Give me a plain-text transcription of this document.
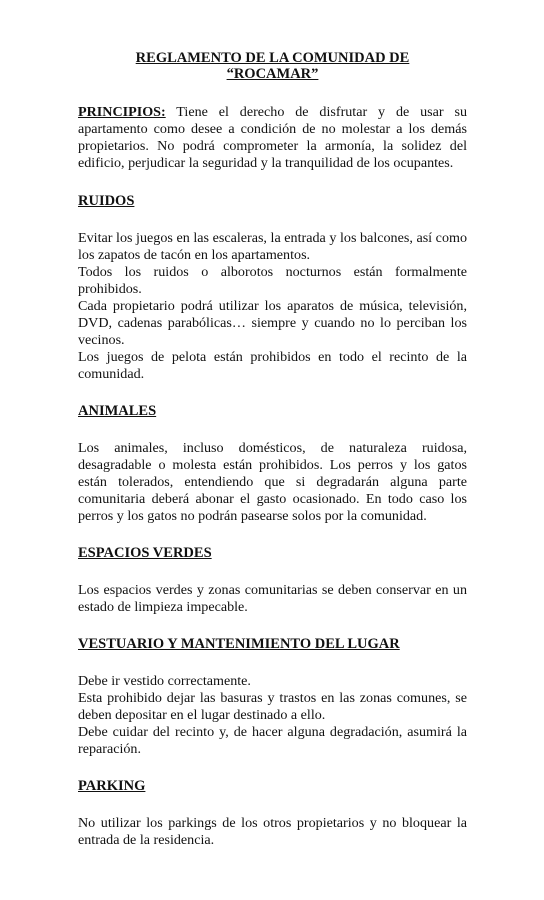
REGLAMENTO DE LA COMUNIDAD DE
“ROCAMAR”

PRINCIPIOS: Tiene el derecho de disfrutar y de usar su apartamento como desee a condición de no molestar a los demás propietarios. No podrá comprometer la armonía, la solidez del edificio, perjudicar la seguridad y la tranquilidad de los ocupantes.

RUIDOS

Evitar los juegos en las escaleras, la entrada y los balcones, así como los zapatos de tacón en los apartamentos.

Todos los ruidos o alborotos nocturnos están formalmente prohibidos.

Cada propietario podrá utilizar los aparatos de música, televisión, DVD, cadenas parabólicas… siempre y cuando no lo perciban los vecinos.

Los juegos de pelota están prohibidos en todo el recinto de la comunidad.

ANIMALES

Los animales, incluso domésticos, de naturaleza ruidosa, desagradable o molesta están prohibidos. Los perros y los gatos están tolerados, entendiendo que si degradarán alguna parte comunitaria deberá abonar el gasto ocasionado. En todo caso los perros y los gatos no podrán pasearse solos por la comunidad.

ESPACIOS VERDES

Los espacios verdes y zonas comunitarias se deben conservar en un estado de limpieza impecable.

VESTUARIO Y MANTENIMIENTO DEL LUGAR

Debe ir vestido correctamente.

Esta prohibido dejar las basuras y trastos en las zonas comunes, se deben depositar en el lugar destinado a ello.

Debe cuidar del recinto y, de hacer alguna degradación, asumirá la reparación.

PARKING

No utilizar los parkings de los otros propietarios y no bloquear la entrada de la residencia.
